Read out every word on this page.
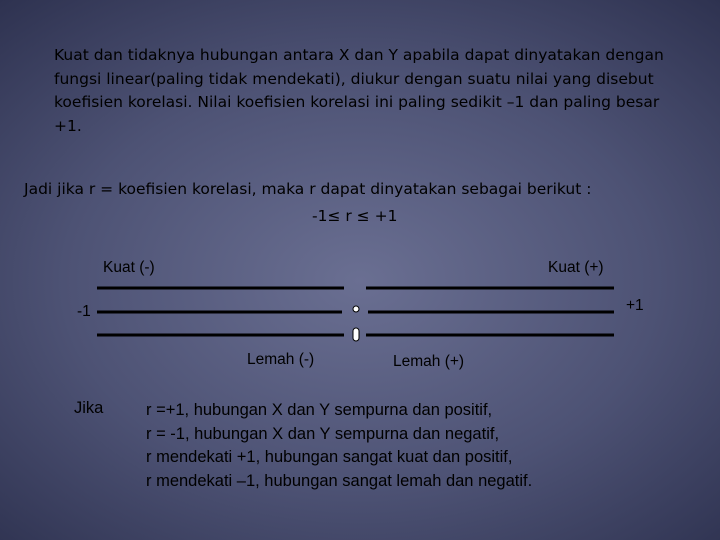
Kuat dan tidaknya hubungan antara X dan Y apabila dapat dinyatakan dengan
fungsi linear(paling tidak mendekati), diukur dengan suatu nilai yang disebut
koefisien korelasi. Nilai koefisien korelasi ini paling sedikit –1 dan paling besar
+1.
Jadi jika r = koefisien korelasi, maka r dapat dinyatakan sebagai berikut :
-1≤ r ≤ +1
Kuat (-)	Kuat (+)
-1	+1
Lemah (-)	Lemah (+)
Jika	r =+1, hubungan X dan Y sempurna dan positif,
r = -1, hubungan X dan Y sempurna dan negatif,
r mendekati +1, hubungan sangat kuat dan positif,
r mendekati –1, hubungan sangat lemah dan negatif.
